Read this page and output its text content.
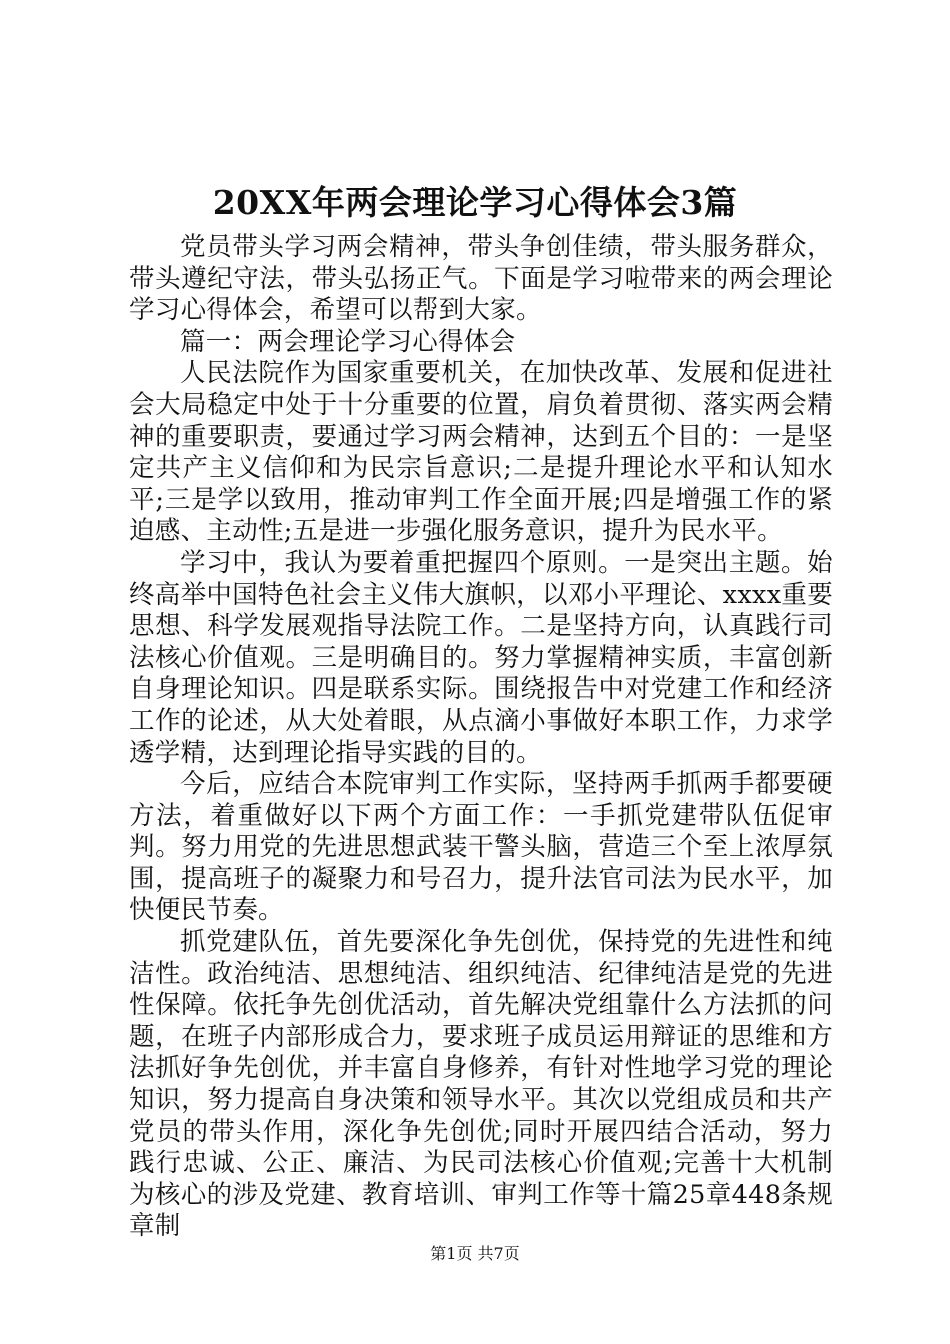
20XX年两会理论学习心得体会3篇

党员带头学习两会精神，带头争创佳绩，带头服务群众，带头遵纪守法，带头弘扬正气。下面是学习啦带来的两会理论学习心得体会，希望可以帮到大家。

篇一：两会理论学习心得体会

人民法院作为国家重要机关，在加快改革、发展和促进社会大局稳定中处于十分重要的位置，肩负着贯彻、落实两会精神的重要职责，要通过学习两会精神，达到五个目的：一是坚定共产主义信仰和为民宗旨意识;二是提升理论水平和认知水平;三是学以致用，推动审判工作全面开展;四是增强工作的紧迫感、主动性;五是进一步强化服务意识，提升为民水平。

学习中，我认为要着重把握四个原则。一是突出主题。始终高举中国特色社会主义伟大旗帜，以邓小平理论、xxxx重要思想、科学发展观指导法院工作。二是坚持方向，认真践行司法核心价值观。三是明确目的。努力掌握精神实质，丰富创新自身理论知识。四是联系实际。围绕报告中对党建工作和经济工作的论述，从大处着眼，从点滴小事做好本职工作，力求学透学精，达到理论指导实践的目的。

今后，应结合本院审判工作实际，坚持两手抓两手都要硬方法，着重做好以下两个方面工作：一手抓党建带队伍促审判。努力用党的先进思想武装干警头脑，营造三个至上浓厚氛围，提高班子的凝聚力和号召力，提升法官司法为民水平，加快便民节奏。

抓党建队伍，首先要深化争先创优，保持党的先进性和纯洁性。政治纯洁、思想纯洁、组织纯洁、纪律纯洁是党的先进性保障。依托争先创优活动，首先解决党组靠什么方法抓的问题，在班子内部形成合力，要求班子成员运用辩证的思维和方法抓好争先创优，并丰富自身修养，有针对性地学习党的理论知识，努力提高自身决策和领导水平。其次以党组成员和共产党员的带头作用，深化争先创优;同时开展四结合活动，努力践行忠诚、公正、廉洁、为民司法核心价值观;完善十大机制为核心的涉及党建、教育培训、审判工作等十篇25章448条规章制

第1页 共7页
